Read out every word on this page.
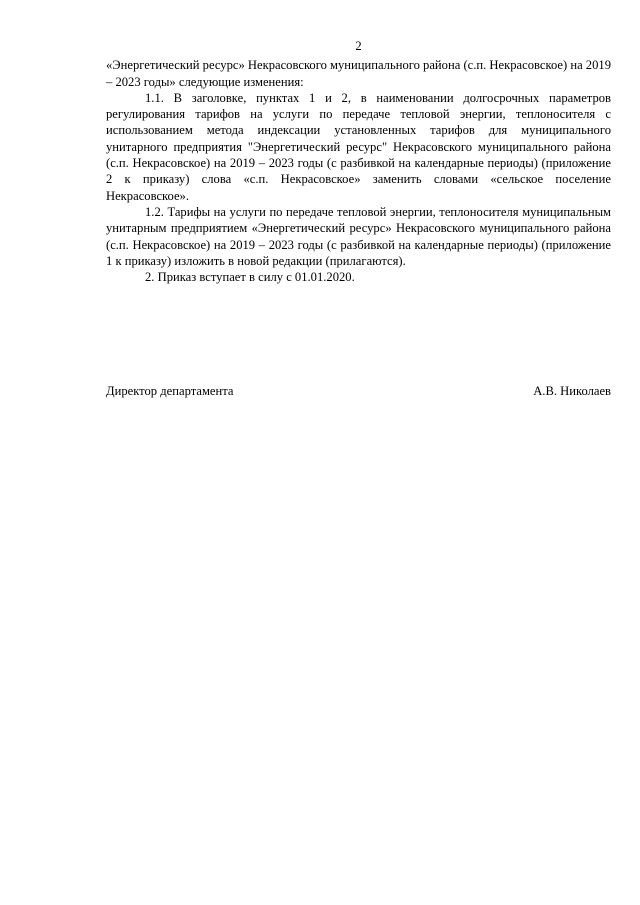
2

«Энергетический ресурс» Некрасовского муниципального района (с.п. Некрасовское) на 2019 – 2023 годы» следующие изменения:

1.1. В заголовке, пунктах 1 и 2, в наименовании долгосрочных параметров регулирования тарифов на услуги по передаче тепловой энергии, теплоносителя с использованием метода индексации установленных тарифов для муниципального унитарного предприятия "Энергетический ресурс" Некрасовского муниципального района (с.п. Некрасовское) на 2019 – 2023 годы (с разбивкой на календарные периоды) (приложение 2 к приказу) слова «с.п. Некрасовское» заменить словами «сельское поселение Некрасовское».

1.2. Тарифы на услуги по передаче тепловой энергии, теплоносителя муниципальным унитарным предприятием «Энергетический ресурс» Некрасовского муниципального района (с.п. Некрасовское) на 2019 – 2023 годы (с разбивкой на календарные периоды) (приложение 1 к приказу) изложить в новой редакции (прилагаются).

2. Приказ вступает в силу с 01.01.2020.

Директор департамента	А.В. Николаев
